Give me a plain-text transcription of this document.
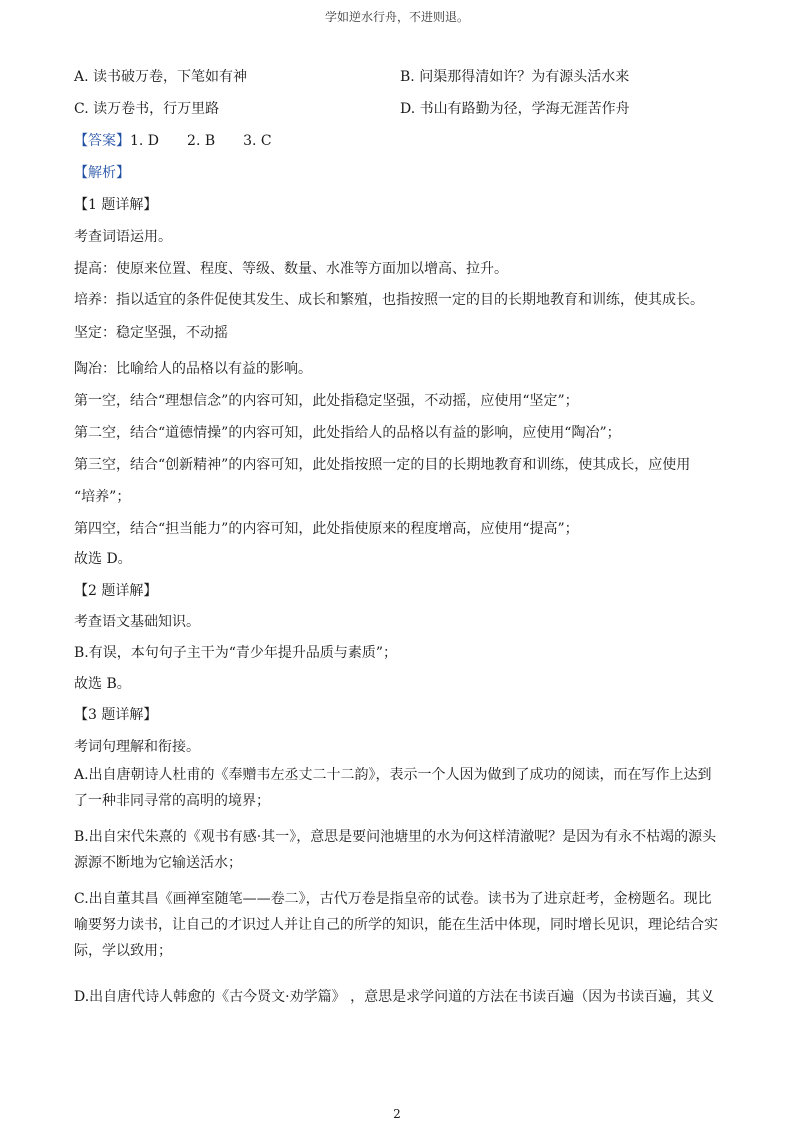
学如逆水行舟，不进则退。
A. 读书破万卷，下笔如有神	B. 问渠那得清如许？为有源头活水来
C. 读万卷书，行万里路	D. 书山有路勤为径，学海无涯苦作舟
【答案】1. D　　2. B　　3. C
【解析】
【1 题详解】
考查词语运用。
提高：使原来位置、程度、等级、数量、水准等方面加以增高、拉升。
培养：指以适宜的条件促使其发生、成长和繁殖，也指按照一定的目的长期地教育和训练，使其成长。
坚定：稳定坚强，不动摇
陶冶：比喻给人的品格以有益的影响。
第一空，结合“理想信念”的内容可知，此处指稳定坚强，不动摇，应使用“坚定”；
第二空，结合“道德情操”的内容可知，此处指给人的品格以有益的影响，应使用“陶冶”；
第三空，结合“创新精神”的内容可知，此处指按照一定的目的长期地教育和训练，使其成长，应使用
“培养”；
第四空，结合“担当能力”的内容可知，此处指使原来的程度增高，应使用“提高”；
故选 D。
【2 题详解】
考查语文基础知识。
B.有误，本句句子主干为“青少年提升品质与素质”；
故选 B。
【3 题详解】
考词句理解和衔接。
A.出自唐朝诗人杜甫的《奉赠韦左丞丈二十二韵》，表示一个人因为做到了成功的阅读，而在写作上达到了一种非同寻常的高明的境界；
B.出自宋代朱熹的《观书有感·其一》，意思是要问池塘里的水为何这样清澈呢？是因为有永不枯竭的源头源源不断地为它输送活水；
C.出自董其昌《画禅室随笔——卷二》，古代万卷是指皇帝的试卷。读书为了进京赶考，金榜题名。现比喻要努力读书，让自己的才识过人并让自己的所学的知识，能在生活中体现，同时增长见识，理论结合实际，学以致用；
D.出自唐代诗人韩愈的《古今贤文·劝学篇》 ，意思是求学问道的方法在书读百遍（因为书读百遍，其义
2
